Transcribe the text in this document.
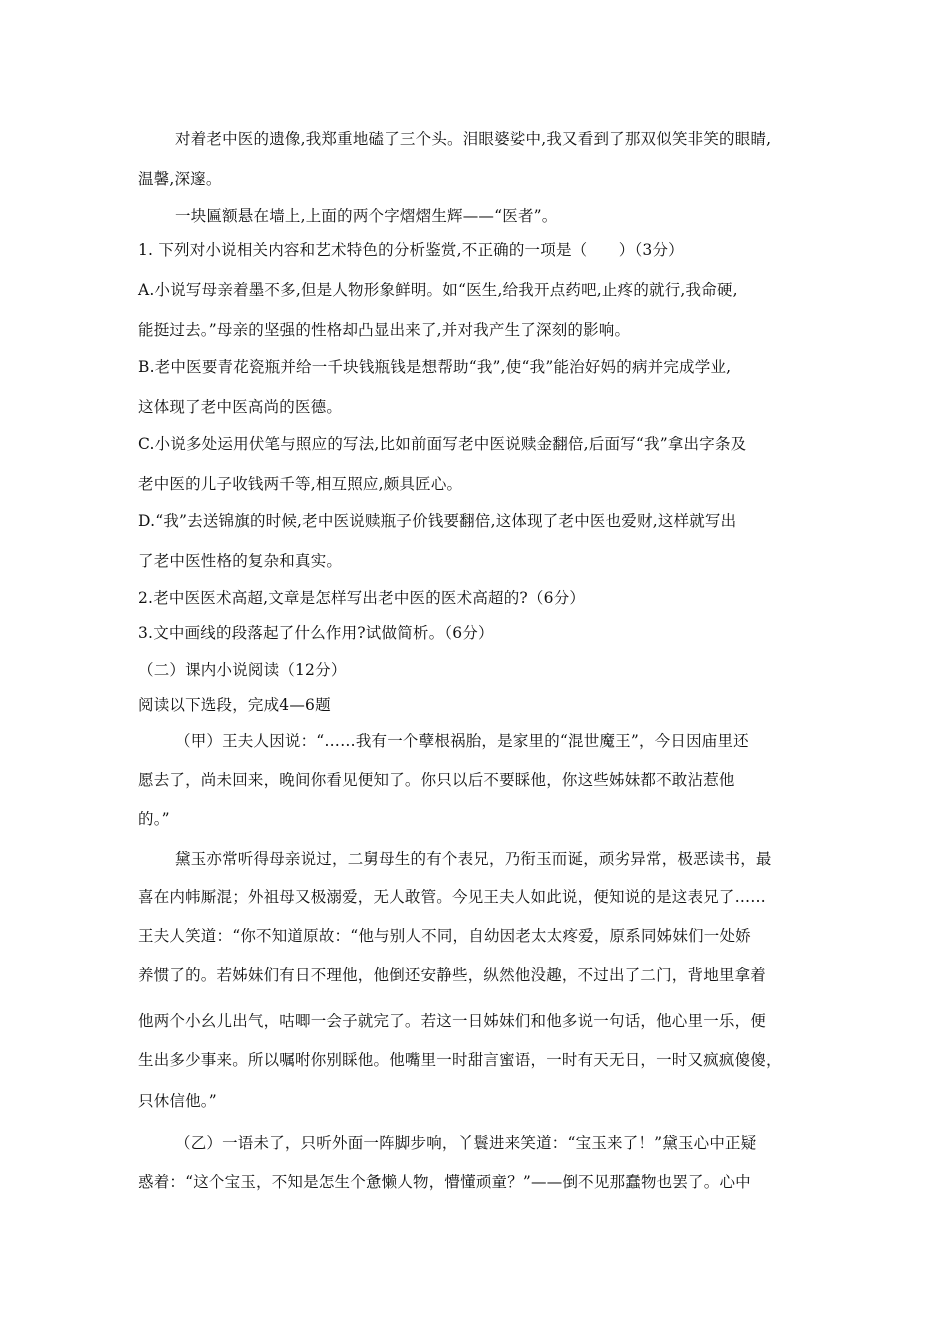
对着老中医的遗像,我郑重地磕了三个头。泪眼婆娑中,我又看到了那双似笑非笑的眼睛,
温馨,深邃。
一块匾额悬在墙上,上面的两个字熠熠生辉——“医者”。
1. 下列对小说相关内容和艺术特色的分析鉴赏,不正确的一项是（　　）（3分）
A.小说写母亲着墨不多,但是人物形象鲜明。如“医生,给我开点药吧,止疼的就行,我命硬,
能挺过去。”母亲的坚强的性格却凸显出来了,并对我产生了深刻的影响。
B.老中医要青花瓷瓶并给一千块钱瓶钱是想帮助“我”,使“我”能治好妈的病并完成学业,
这体现了老中医高尚的医德。
C.小说多处运用伏笔与照应的写法,比如前面写老中医说赎金翻倍,后面写“我”拿出字条及
老中医的儿子收钱两千等,相互照应,颇具匠心。
D.“我”去送锦旗的时候,老中医说赎瓶子价钱要翻倍,这体现了老中医也爱财,这样就写出
了老中医性格的复杂和真实。
2.老中医医术高超,文章是怎样写出老中医的医术高超的?（6分）
3.文中画线的段落起了什么作用?试做简析。（6分）
（二）课内小说阅读（12分）
阅读以下选段，完成4—6题
（甲）王夫人因说：“……我有一个孽根祸胎，是家里的“混世魔王”，今日因庙里还
愿去了，尚未回来，晚间你看见便知了。你只以后不要睬他，你这些姊妹都不敢沾惹他
的。”
黛玉亦常听得母亲说过，二舅母生的有个表兄，乃衔玉而诞，顽劣异常，极恶读书，最
喜在内帏厮混；外祖母又极溺爱，无人敢管。今见王夫人如此说，便知说的是这表兄了……
王夫人笑道：“你不知道原故：“他与别人不同，自幼因老太太疼爱，原系同姊妹们一处娇
养惯了的。若姊妹们有日不理他，他倒还安静些，纵然他没趣，不过出了二门，背地里拿着
他两个小幺儿出气，咕唧一会子就完了。若这一日姊妹们和他多说一句话，他心里一乐，便
生出多少事来。所以嘱咐你别睬他。他嘴里一时甜言蜜语，一时有天无日，一时又疯疯傻傻，
只休信他。”
（乙）一语未了，只听外面一阵脚步响，丫鬟进来笑道：“宝玉来了！”黛玉心中正疑
惑着：“这个宝玉，不知是怎生个惫懒人物，懵懂顽童？”——倒不见那蠢物也罢了。心中
